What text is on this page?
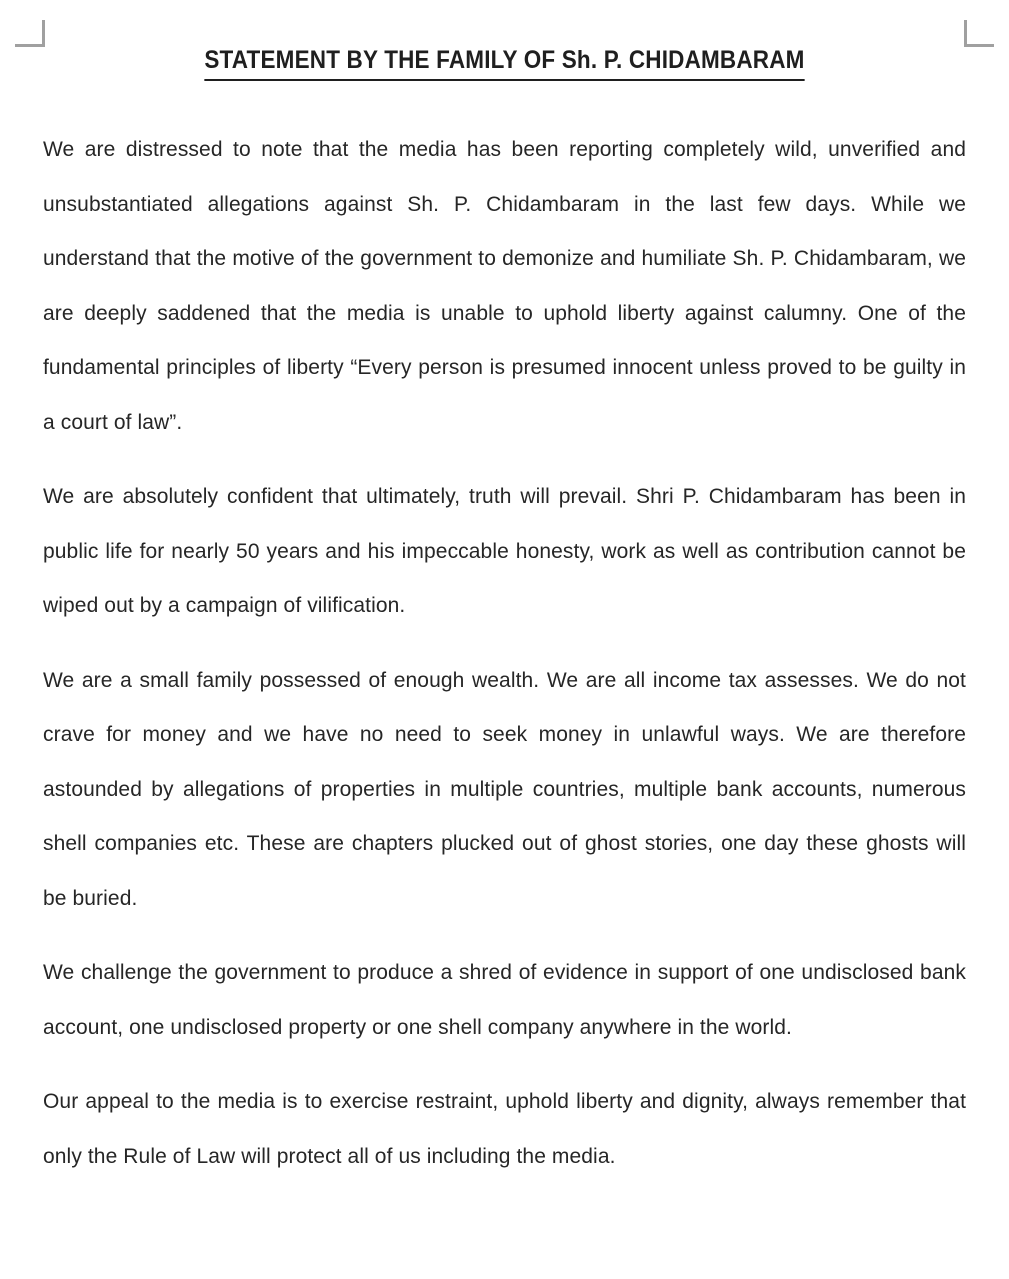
STATEMENT BY THE FAMILY OF Sh. P. CHIDAMBARAM

We are distressed to note that the media has been reporting completely wild, unverified and unsubstantiated allegations against Sh. P. Chidambaram in the last few days. While we understand that the motive of the government to demonize and humiliate Sh. P. Chidambaram, we are deeply saddened that the media is unable to uphold liberty against calumny. One of the fundamental principles of liberty “Every person is presumed innocent unless proved to be guilty in a court of law”.

We are absolutely confident that ultimately, truth will prevail. Shri P. Chidambaram has been in public life for nearly 50 years and his impeccable honesty, work as well as contribution cannot be wiped out by a campaign of vilification.

We are a small family possessed of enough wealth. We are all income tax assesses. We do not crave for money and we have no need to seek money in unlawful ways. We are therefore astounded by allegations of properties in multiple countries, multiple bank accounts, numerous shell companies etc. These are chapters plucked out of ghost stories, one day these ghosts will be buried.

We challenge the government to produce a shred of evidence in support of one undisclosed bank account, one undisclosed property or one shell company anywhere in the world.

Our appeal to the media is to exercise restraint, uphold liberty and dignity, always remember that only the Rule of Law will protect all of us including the media.
